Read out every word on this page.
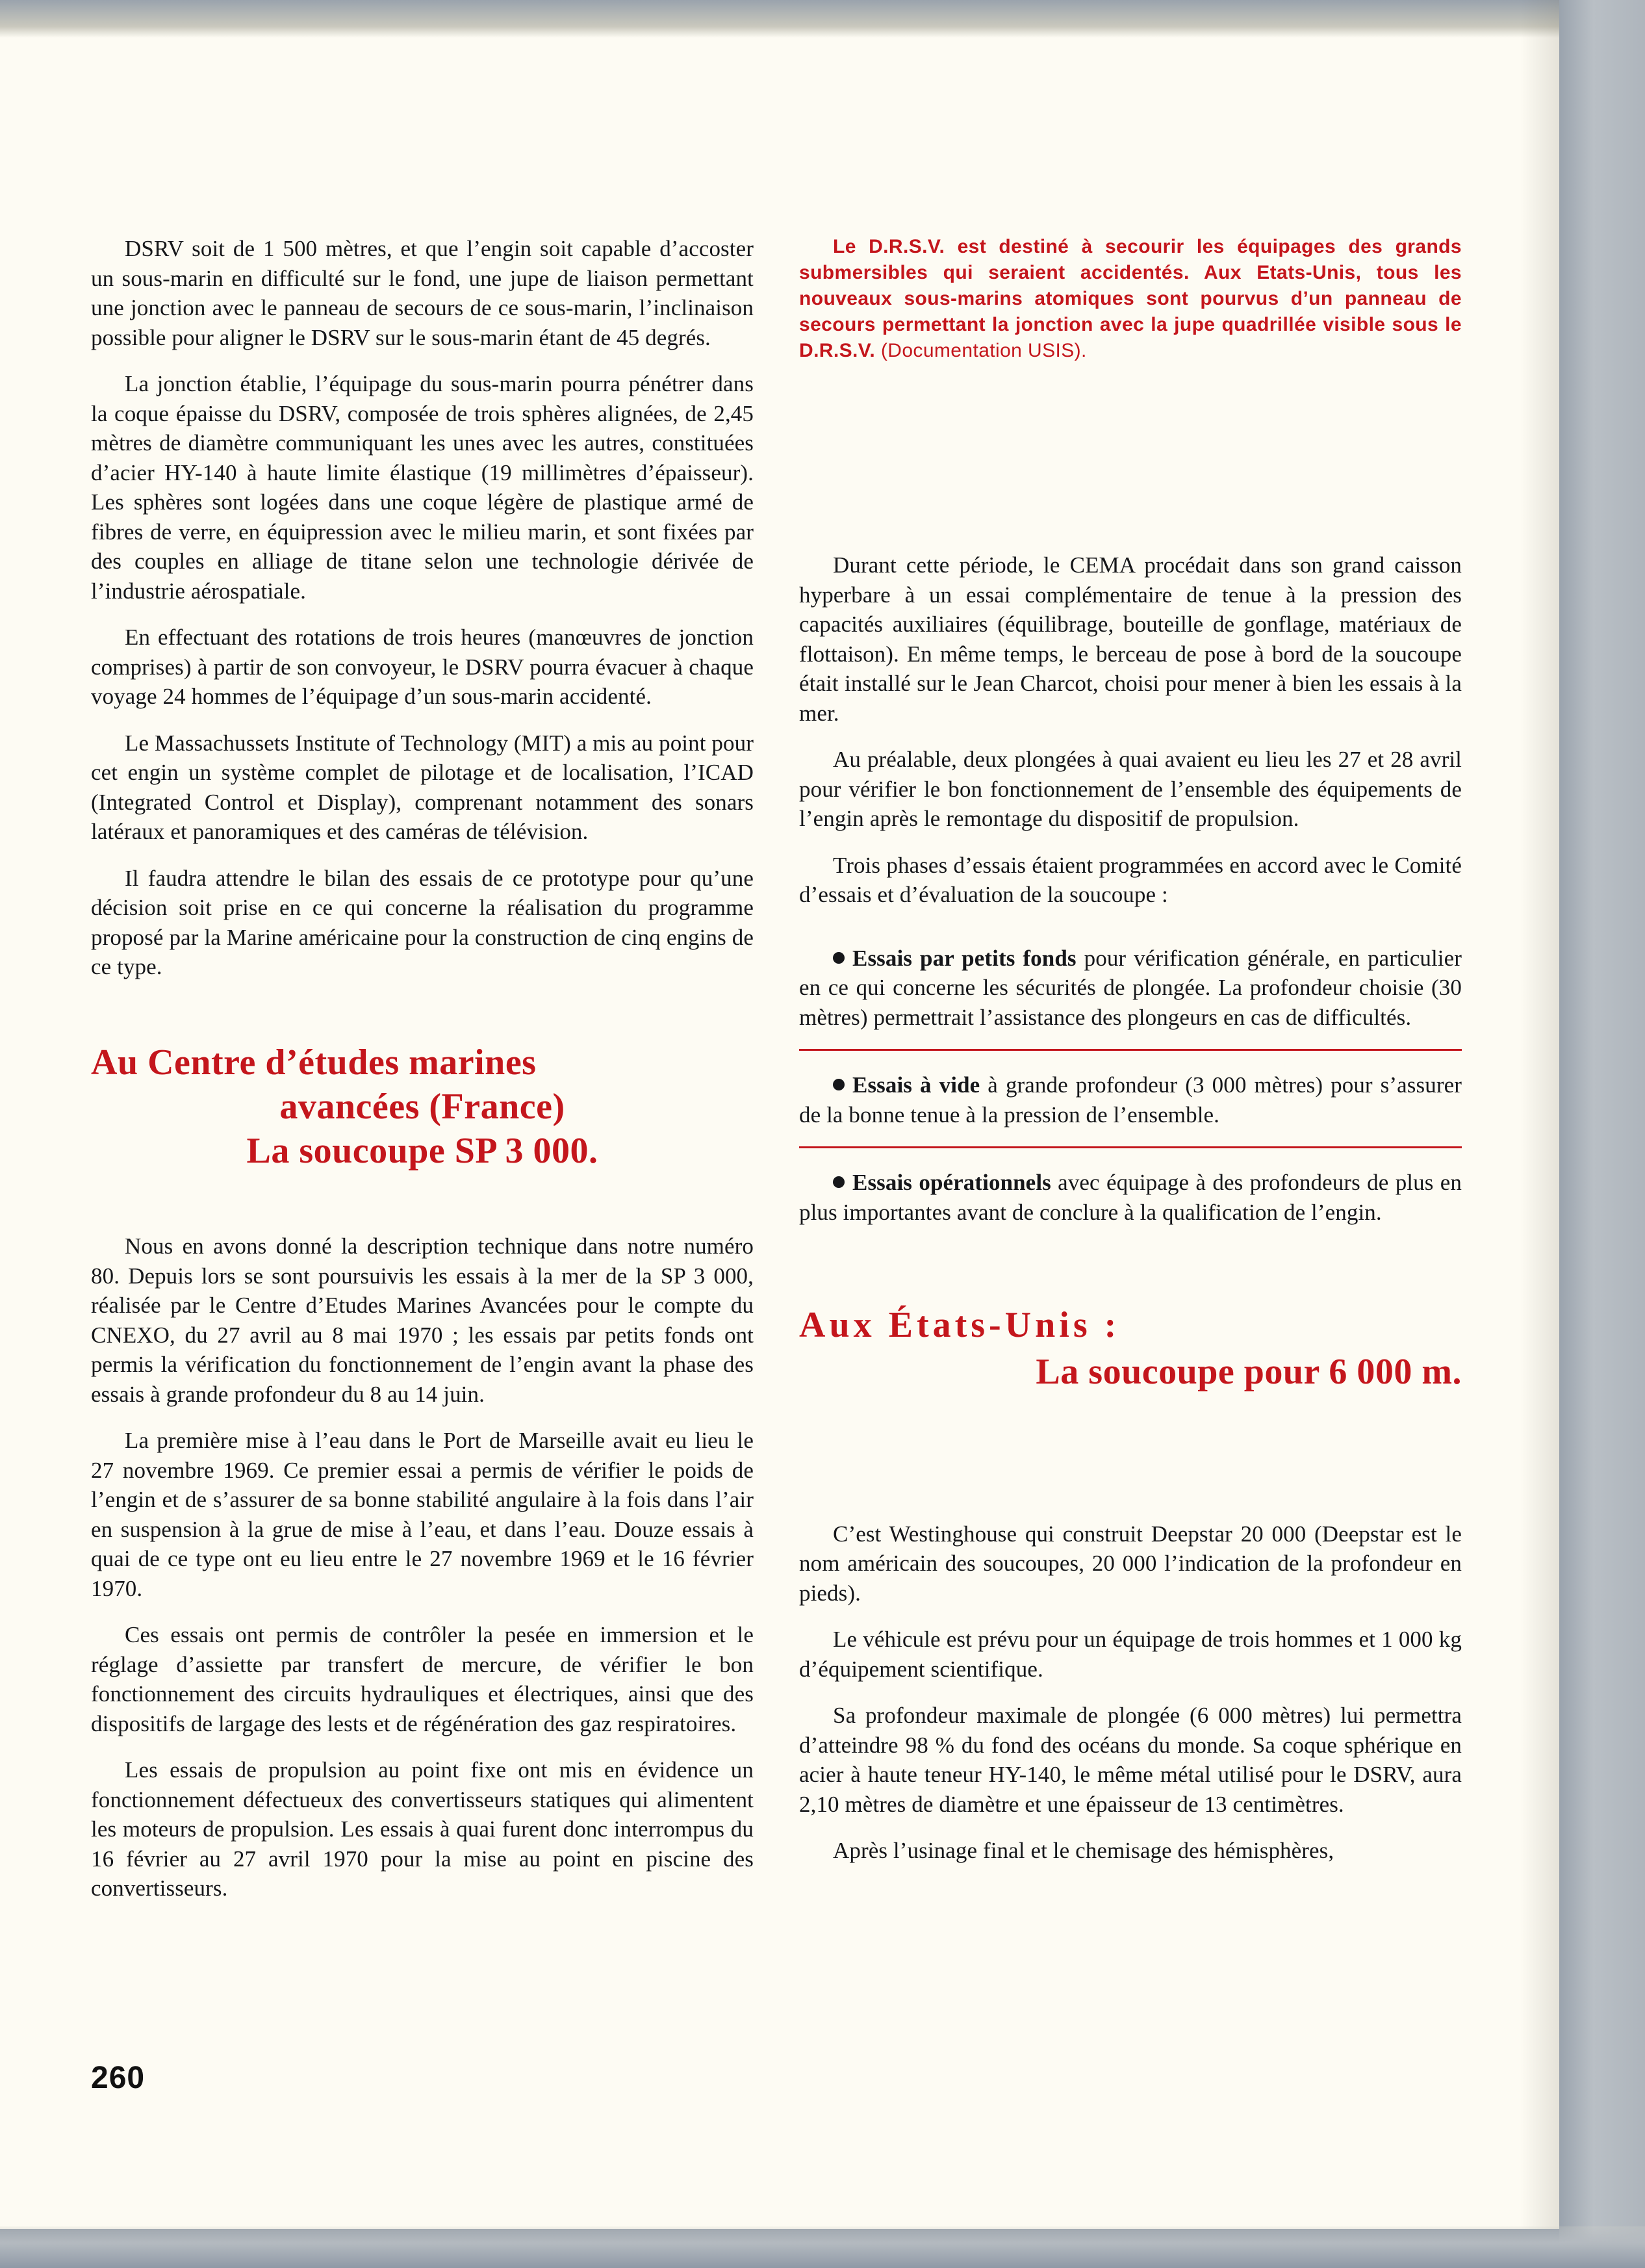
DSRV soit de 1 500 mètres, et que l’engin soit capable d’accoster un sous-marin en difficulté sur le fond, une jupe de liaison permettant une jonction avec le panneau de secours de ce sous-marin, l’inclinaison possible pour aligner le DSRV sur le sous-marin étant de 45 degrés.

La jonction établie, l’équipage du sous-marin pourra pénétrer dans la coque épaisse du DSRV, composée de trois sphères alignées, de 2,45 mètres de diamètre communiquant les unes avec les autres, constituées d’acier HY-140 à haute limite élastique (19 millimètres d’épaisseur). Les sphères sont logées dans une coque légère de plastique armé de fibres de verre, en équipression avec le milieu marin, et sont fixées par des couples en alliage de titane selon une technologie dérivée de l’industrie aérospatiale.

En effectuant des rotations de trois heures (manœuvres de jonction comprises) à partir de son convoyeur, le DSRV pourra évacuer à chaque voyage 24 hommes de l’équipage d’un sous-marin accidenté.

Le Massachussets Institute of Technology (MIT) a mis au point pour cet engin un système complet de pilotage et de localisation, l’ICAD (Integrated Control et Display), comprenant notamment des sonars latéraux et panoramiques et des caméras de télévision.

Il faudra attendre le bilan des essais de ce prototype pour qu’une décision soit prise en ce qui concerne la réalisation du programme proposé par la Marine américaine pour la construction de cinq engins de ce type.

Au Centre d’études marines
avancées (France)
La soucoupe SP 3 000.

Nous en avons donné la description technique dans notre numéro 80. Depuis lors se sont poursuivis les essais à la mer de la SP 3 000, réalisée par le Centre d’Etudes Marines Avancées pour le compte du CNEXO, du 27 avril au 8 mai 1970 ; les essais par petits fonds ont permis la vérification du fonctionnement de l’engin avant la phase des essais à grande profondeur du 8 au 14 juin.

La première mise à l’eau dans le Port de Marseille avait eu lieu le 27 novembre 1969. Ce premier essai a permis de vérifier le poids de l’engin et de s’assurer de sa bonne stabilité angulaire à la fois dans l’air en suspension à la grue de mise à l’eau, et dans l’eau. Douze essais à quai de ce type ont eu lieu entre le 27 novembre 1969 et le 16 février 1970.

Ces essais ont permis de contrôler la pesée en immersion et le réglage d’assiette par transfert de mercure, de vérifier le bon fonctionnement des circuits hydrauliques et électriques, ainsi que des dispositifs de largage des lests et de régénération des gaz respiratoires.

Les essais de propulsion au point fixe ont mis en évidence un fonctionnement défectueux des convertisseurs statiques qui alimentent les moteurs de propulsion. Les essais à quai furent donc interrompus du 16 février au 27 avril 1970 pour la mise au point en piscine des convertisseurs.

Le D.R.S.V. est destiné à secourir les équipages des grands submersibles qui seraient accidentés. Aux Etats-Unis, tous les nouveaux sous-marins atomiques sont pourvus d’un panneau de secours permettant la jonction avec la jupe quadrillée visible sous le D.R.S.V. (Documentation USIS).

Durant cette période, le CEMA procédait dans son grand caisson hyperbare à un essai complémentaire de tenue à la pression des capacités auxiliaires (équilibrage, bouteille de gonflage, matériaux de flottaison). En même temps, le berceau de pose à bord de la soucoupe était installé sur le Jean Charcot, choisi pour mener à bien les essais à la mer.

Au préalable, deux plongées à quai avaient eu lieu les 27 et 28 avril pour vérifier le bon fonctionnement de l’ensemble des équipements de l’engin après le remontage du dispositif de propulsion.

Trois phases d’essais étaient programmées en accord avec le Comité d’essais et d’évaluation de la soucoupe :

Essais par petits fonds pour vérification générale, en particulier en ce qui concerne les sécurités de plongée. La profondeur choisie (30 mètres) permettrait l’assistance des plongeurs en cas de difficultés.

Essais à vide à grande profondeur (3 000 mètres) pour s’assurer de la bonne tenue à la pression de l’ensemble.

Essais opérationnels avec équipage à des profondeurs de plus en plus importantes avant de conclure à la qualification de l’engin.

Aux États-Unis :
La soucoupe pour 6 000 m.

C’est Westinghouse qui construit Deepstar 20 000 (Deepstar est le nom américain des soucoupes, 20 000 l’indication de la profondeur en pieds).

Le véhicule est prévu pour un équipage de trois hommes et 1 000 kg d’équipement scientifique.

Sa profondeur maximale de plongée (6 000 mètres) lui permettra d’atteindre 98 % du fond des océans du monde. Sa coque sphérique en acier à haute teneur HY-140, le même métal utilisé pour le DSRV, aura 2,10 mètres de diamètre et une épaisseur de 13 centimètres.

Après l’usinage final et le chemisage des hémisphères,

260
